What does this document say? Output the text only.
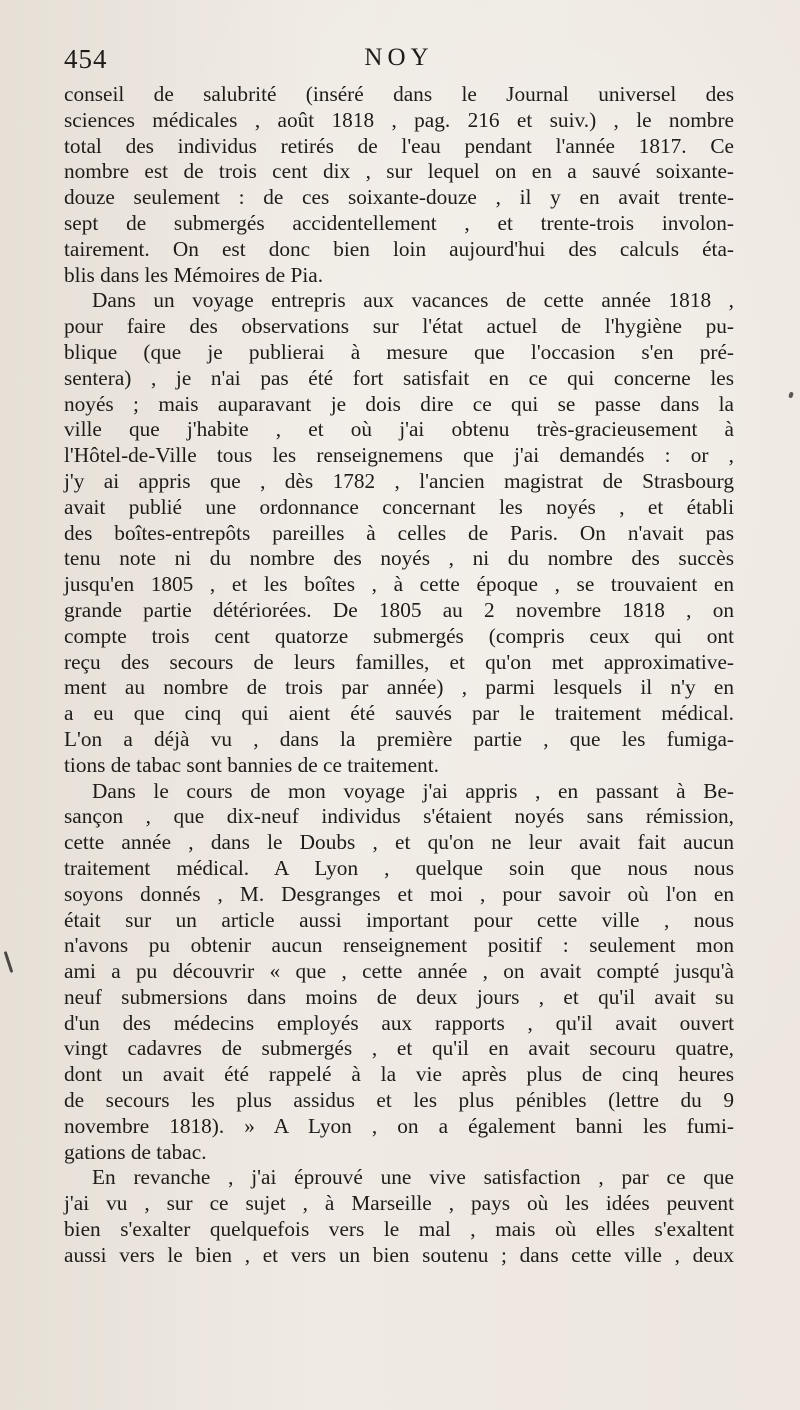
454	NOY

conseil de salubrité (inséré dans le Journal universel des
sciences médicales , août 1818 , pag. 216 et suiv.) , le nombre
total des individus retirés de l'eau pendant l'année 1817. Ce
nombre est de trois cent dix , sur lequel on en a sauvé soixante-
douze seulement : de ces soixante-douze , il y en avait trente-
sept de submergés accidentellement , et trente-trois involon-
tairement. On est donc bien loin aujourd'hui des calculs éta-
blis dans les Mémoires de Pia.

Dans un voyage entrepris aux vacances de cette année 1818 ,
pour faire des observations sur l'état actuel de l'hygiène pu-
blique (que je publierai à mesure que l'occasion s'en pré-
sentera) , je n'ai pas été fort satisfait en ce qui concerne les
noyés ; mais auparavant je dois dire ce qui se passe dans la
ville que j'habite , et où j'ai obtenu très-gracieusement à
l'Hôtel-de-Ville tous les renseignemens que j'ai demandés : or ,
j'y ai appris que , dès 1782 , l'ancien magistrat de Strasbourg
avait publié une ordonnance concernant les noyés , et établi
des boîtes-entrepôts pareilles à celles de Paris. On n'avait pas
tenu note ni du nombre des noyés , ni du nombre des succès
jusqu'en 1805 , et les boîtes , à cette époque , se trouvaient en
grande partie détériorées. De 1805 au 2 novembre 1818 , on
compte trois cent quatorze submergés (compris ceux qui ont
reçu des secours de leurs familles, et qu'on met approximative-
ment au nombre de trois par année) , parmi lesquels il n'y en
a eu que cinq qui aient été sauvés par le traitement médical.
L'on a déjà vu , dans la première partie , que les fumiga-
tions de tabac sont bannies de ce traitement.

Dans le cours de mon voyage j'ai appris , en passant à Be-
sançon , que dix-neuf individus s'étaient noyés sans rémission,
cette année , dans le Doubs , et qu'on ne leur avait fait aucun
traitement médical. A Lyon , quelque soin que nous nous
soyons donnés , M. Desgranges et moi , pour savoir où l'on en
était sur un article aussi important pour cette ville , nous
n'avons pu obtenir aucun renseignement positif : seulement mon
ami a pu découvrir « que , cette année , on avait compté jusqu'à
neuf submersions dans moins de deux jours , et qu'il avait su
d'un des médecins employés aux rapports , qu'il avait ouvert
vingt cadavres de submergés , et qu'il en avait secouru quatre,
dont un avait été rappelé à la vie après plus de cinq heures
de secours les plus assidus et les plus pénibles (lettre du 9
novembre 1818). » A Lyon , on a également banni les fumi-
gations de tabac.

En revanche , j'ai éprouvé une vive satisfaction , par ce que
j'ai vu , sur ce sujet , à Marseille , pays où les idées peuvent
bien s'exalter quelquefois vers le mal , mais où elles s'exaltent
aussi vers le bien , et vers un bien soutenu ; dans cette ville , deux
